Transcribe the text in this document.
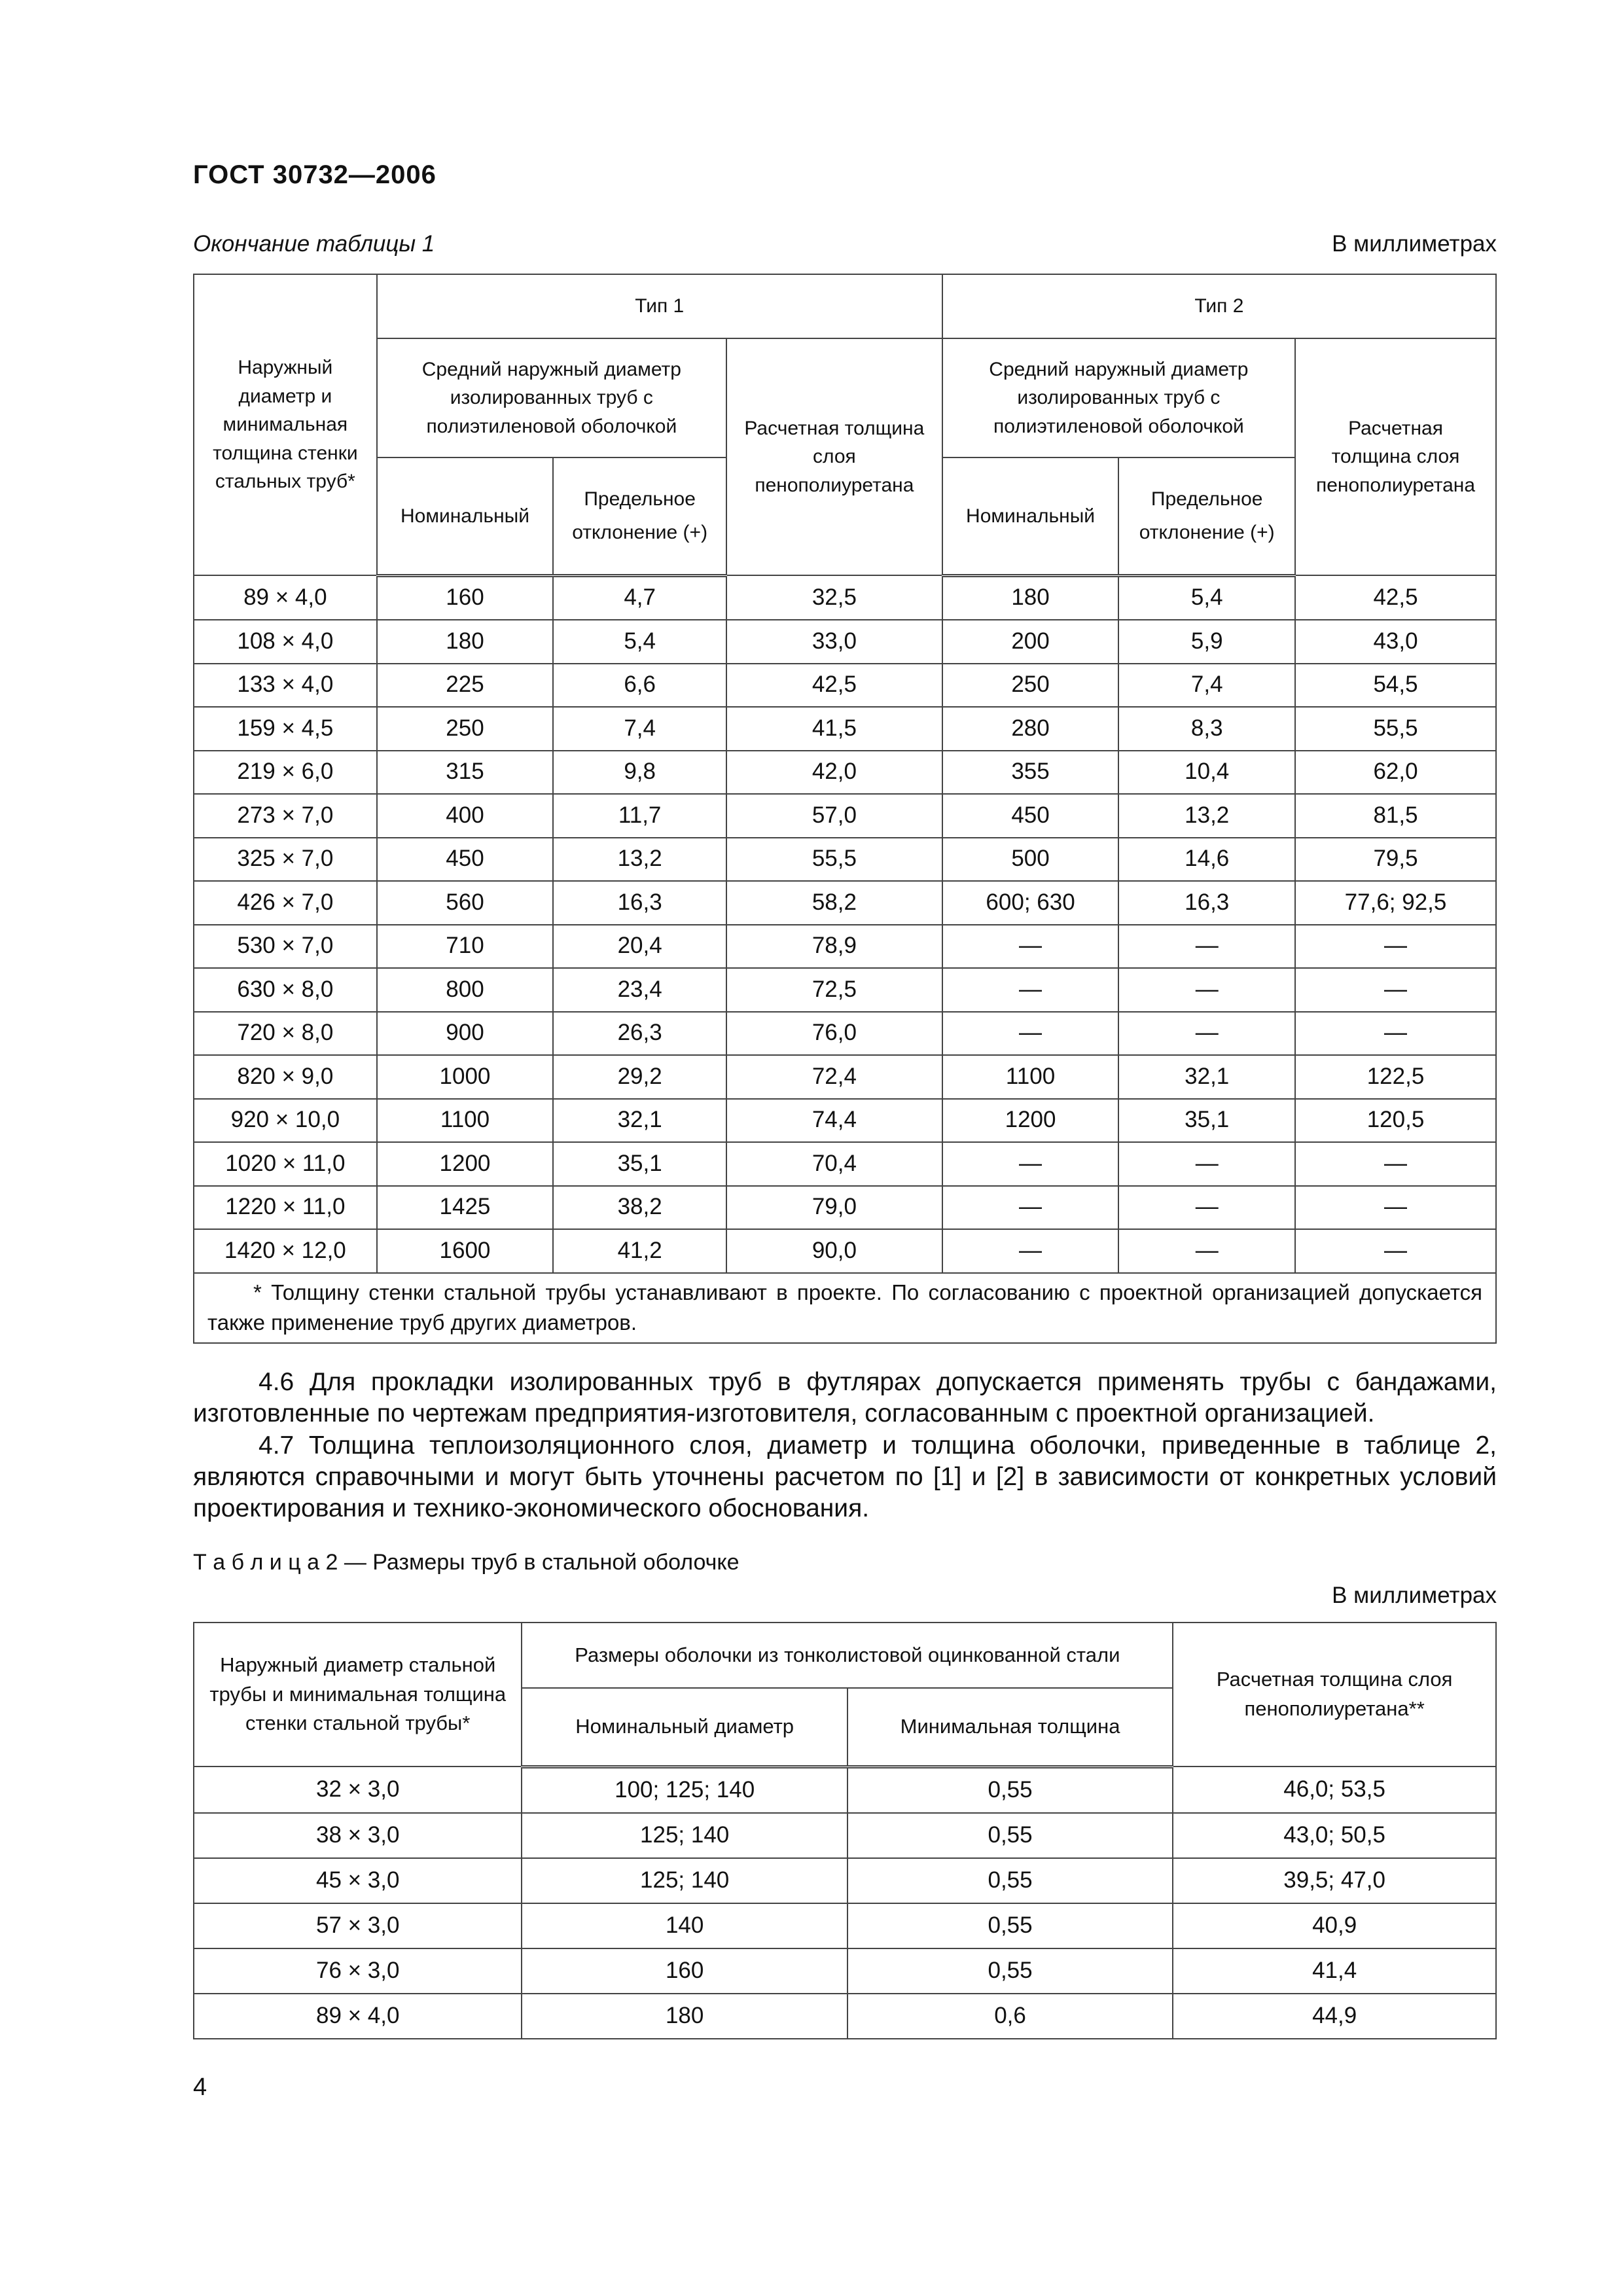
ГОСТ 30732—2006
Окончание таблицы 1	В миллиметрах
Наружный диаметр и минимальная толщина стенки стальных труб*	Тип 1			Тип 2		
	Средний наружный диаметр изолированных труб с полиэтиленовой оболочкой		Расчетная толщина слоя пенополиуретана	Средний наружный диаметр изолированных труб с полиэтиленовой оболочкой		Расчетная толщина слоя пенополиуретана
	Номинальный	Предельное отклонение (+)		Номинальный	Предельное отклонение (+)	
89 × 4,0	160	4,7	32,5	180	5,4	42,5
108 × 4,0	180	5,4	33,0	200	5,9	43,0
133 × 4,0	225	6,6	42,5	250	7,4	54,5
159 × 4,5	250	7,4	41,5	280	8,3	55,5
219 × 6,0	315	9,8	42,0	355	10,4	62,0
273 × 7,0	400	11,7	57,0	450	13,2	81,5
325 × 7,0	450	13,2	55,5	500	14,6	79,5
426 × 7,0	560	16,3	58,2	600; 630	16,3	77,6; 92,5
530 × 7,0	710	20,4	78,9	—	—	—
630 × 8,0	800	23,4	72,5	—	—	—
720 × 8,0	900	26,3	76,0	—	—	—
820 × 9,0	1000	29,2	72,4	1100	32,1	122,5
920 × 10,0	1100	32,1	74,4	1200	35,1	120,5
1020 × 11,0	1200	35,1	70,4	—	—	—
1220 × 11,0	1425	38,2	79,0	—	—	—
1420 × 12,0	1600	41,2	90,0	—	—	—
* Толщину стенки стальной трубы устанавливают в проекте. По согласованию с проектной организацией допускается также применение труб других диаметров.						
4.6 Для прокладки изолированных труб в футлярах допускается применять трубы с бандажами, изготовленные по чертежам предприятия-изготовителя, согласованным с проектной организацией.
4.7 Толщина теплоизоляционного слоя, диаметр и толщина оболочки, приведенные в таблице 2, являются справочными и могут быть уточнены расчетом по [1] и [2] в зависимости от конкретных условий проектирования и технико-экономического обоснования.
Т а б л и ц а 2 — Размеры труб в стальной оболочке
В миллиметрах
Наружный диаметр стальной трубы и минимальная толщина стенки стальной трубы*	Размеры оболочки из тонколистовой оцинкованной стали		Расчетная толщина слоя пенополиуретана**
	Номинальный диаметр	Минимальная толщина	
32 × 3,0	100; 125; 140	0,55	46,0; 53,5
38 × 3,0	125; 140	0,55	43,0; 50,5
45 × 3,0	125; 140	0,55	39,5; 47,0
57 × 3,0	140	0,55	40,9
76 × 3,0	160	0,55	41,4
89 × 4,0	180	0,6	44,9
4
